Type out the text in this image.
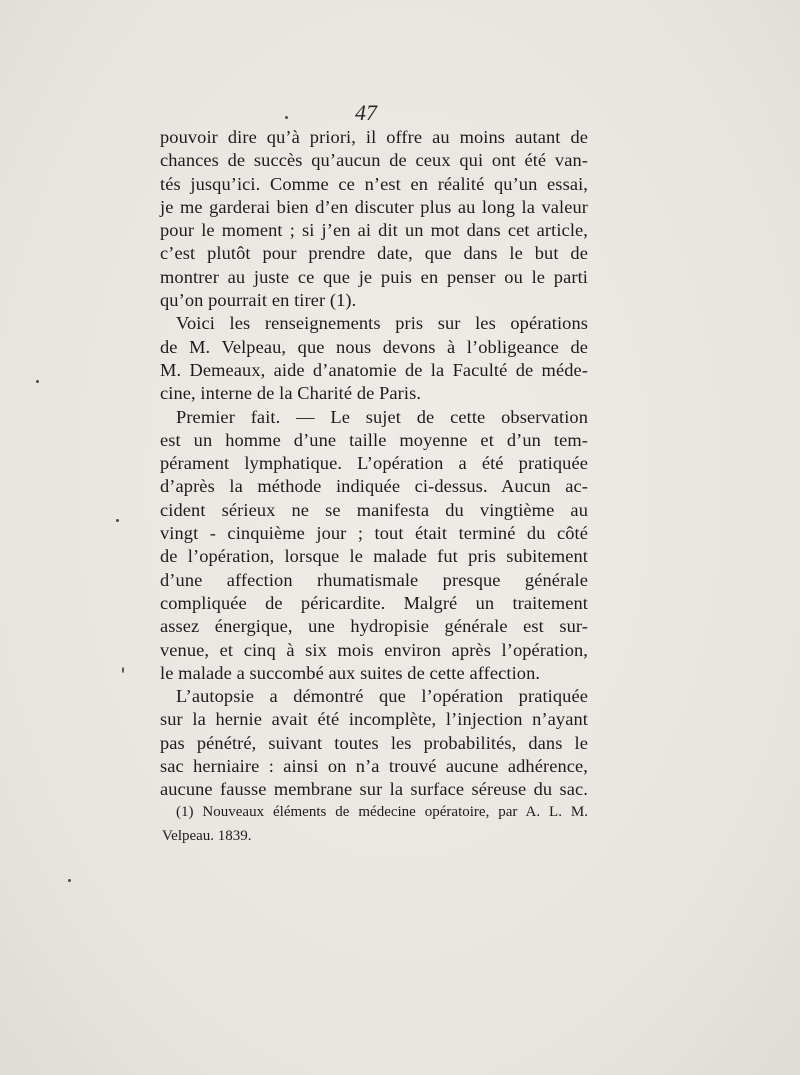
47
pouvoir dire qu’à priori, il offre au moins autant de
chances de succès qu’aucun de ceux qui ont été van-
tés jusqu’ici. Comme ce n’est en réalité qu’un essai,
je me garderai bien d’en discuter plus au long la valeur
pour le moment ; si j’en ai dit un mot dans cet article,
c’est plutôt pour prendre date, que dans le but de
montrer au juste ce que je puis en penser ou le parti
qu’on pourrait en tirer (1).
Voici les renseignements pris sur les opérations
de M. Velpeau, que nous devons à l’obligeance de
M. Demeaux, aide d’anatomie de la Faculté de méde-
cine, interne de la Charité de Paris.
Premier fait. — Le sujet de cette observation
est un homme d’une taille moyenne et d’un tem-
pérament lymphatique. L’opération a été pratiquée
d’après la méthode indiquée ci-dessus. Aucun ac-
cident sérieux ne se manifesta du vingtième au
vingt - cinquième jour ; tout était terminé du côté
de l’opération, lorsque le malade fut pris subitement
d’une affection rhumatismale presque générale
compliquée de péricardite. Malgré un traitement
assez énergique, une hydropisie générale est sur-
venue, et cinq à six mois environ après l’opération,
le malade a succombé aux suites de cette affection.
L’autopsie a démontré que l’opération pratiquée
sur la hernie avait été incomplète, l’injection n’ayant
pas pénétré, suivant toutes les probabilités, dans le
sac herniaire : ainsi on n’a trouvé aucune adhérence,
aucune fausse membrane sur la surface séreuse du sac.
(1) Nouveaux éléments de médecine opératoire, par A. L. M.
Velpeau. 1839.
